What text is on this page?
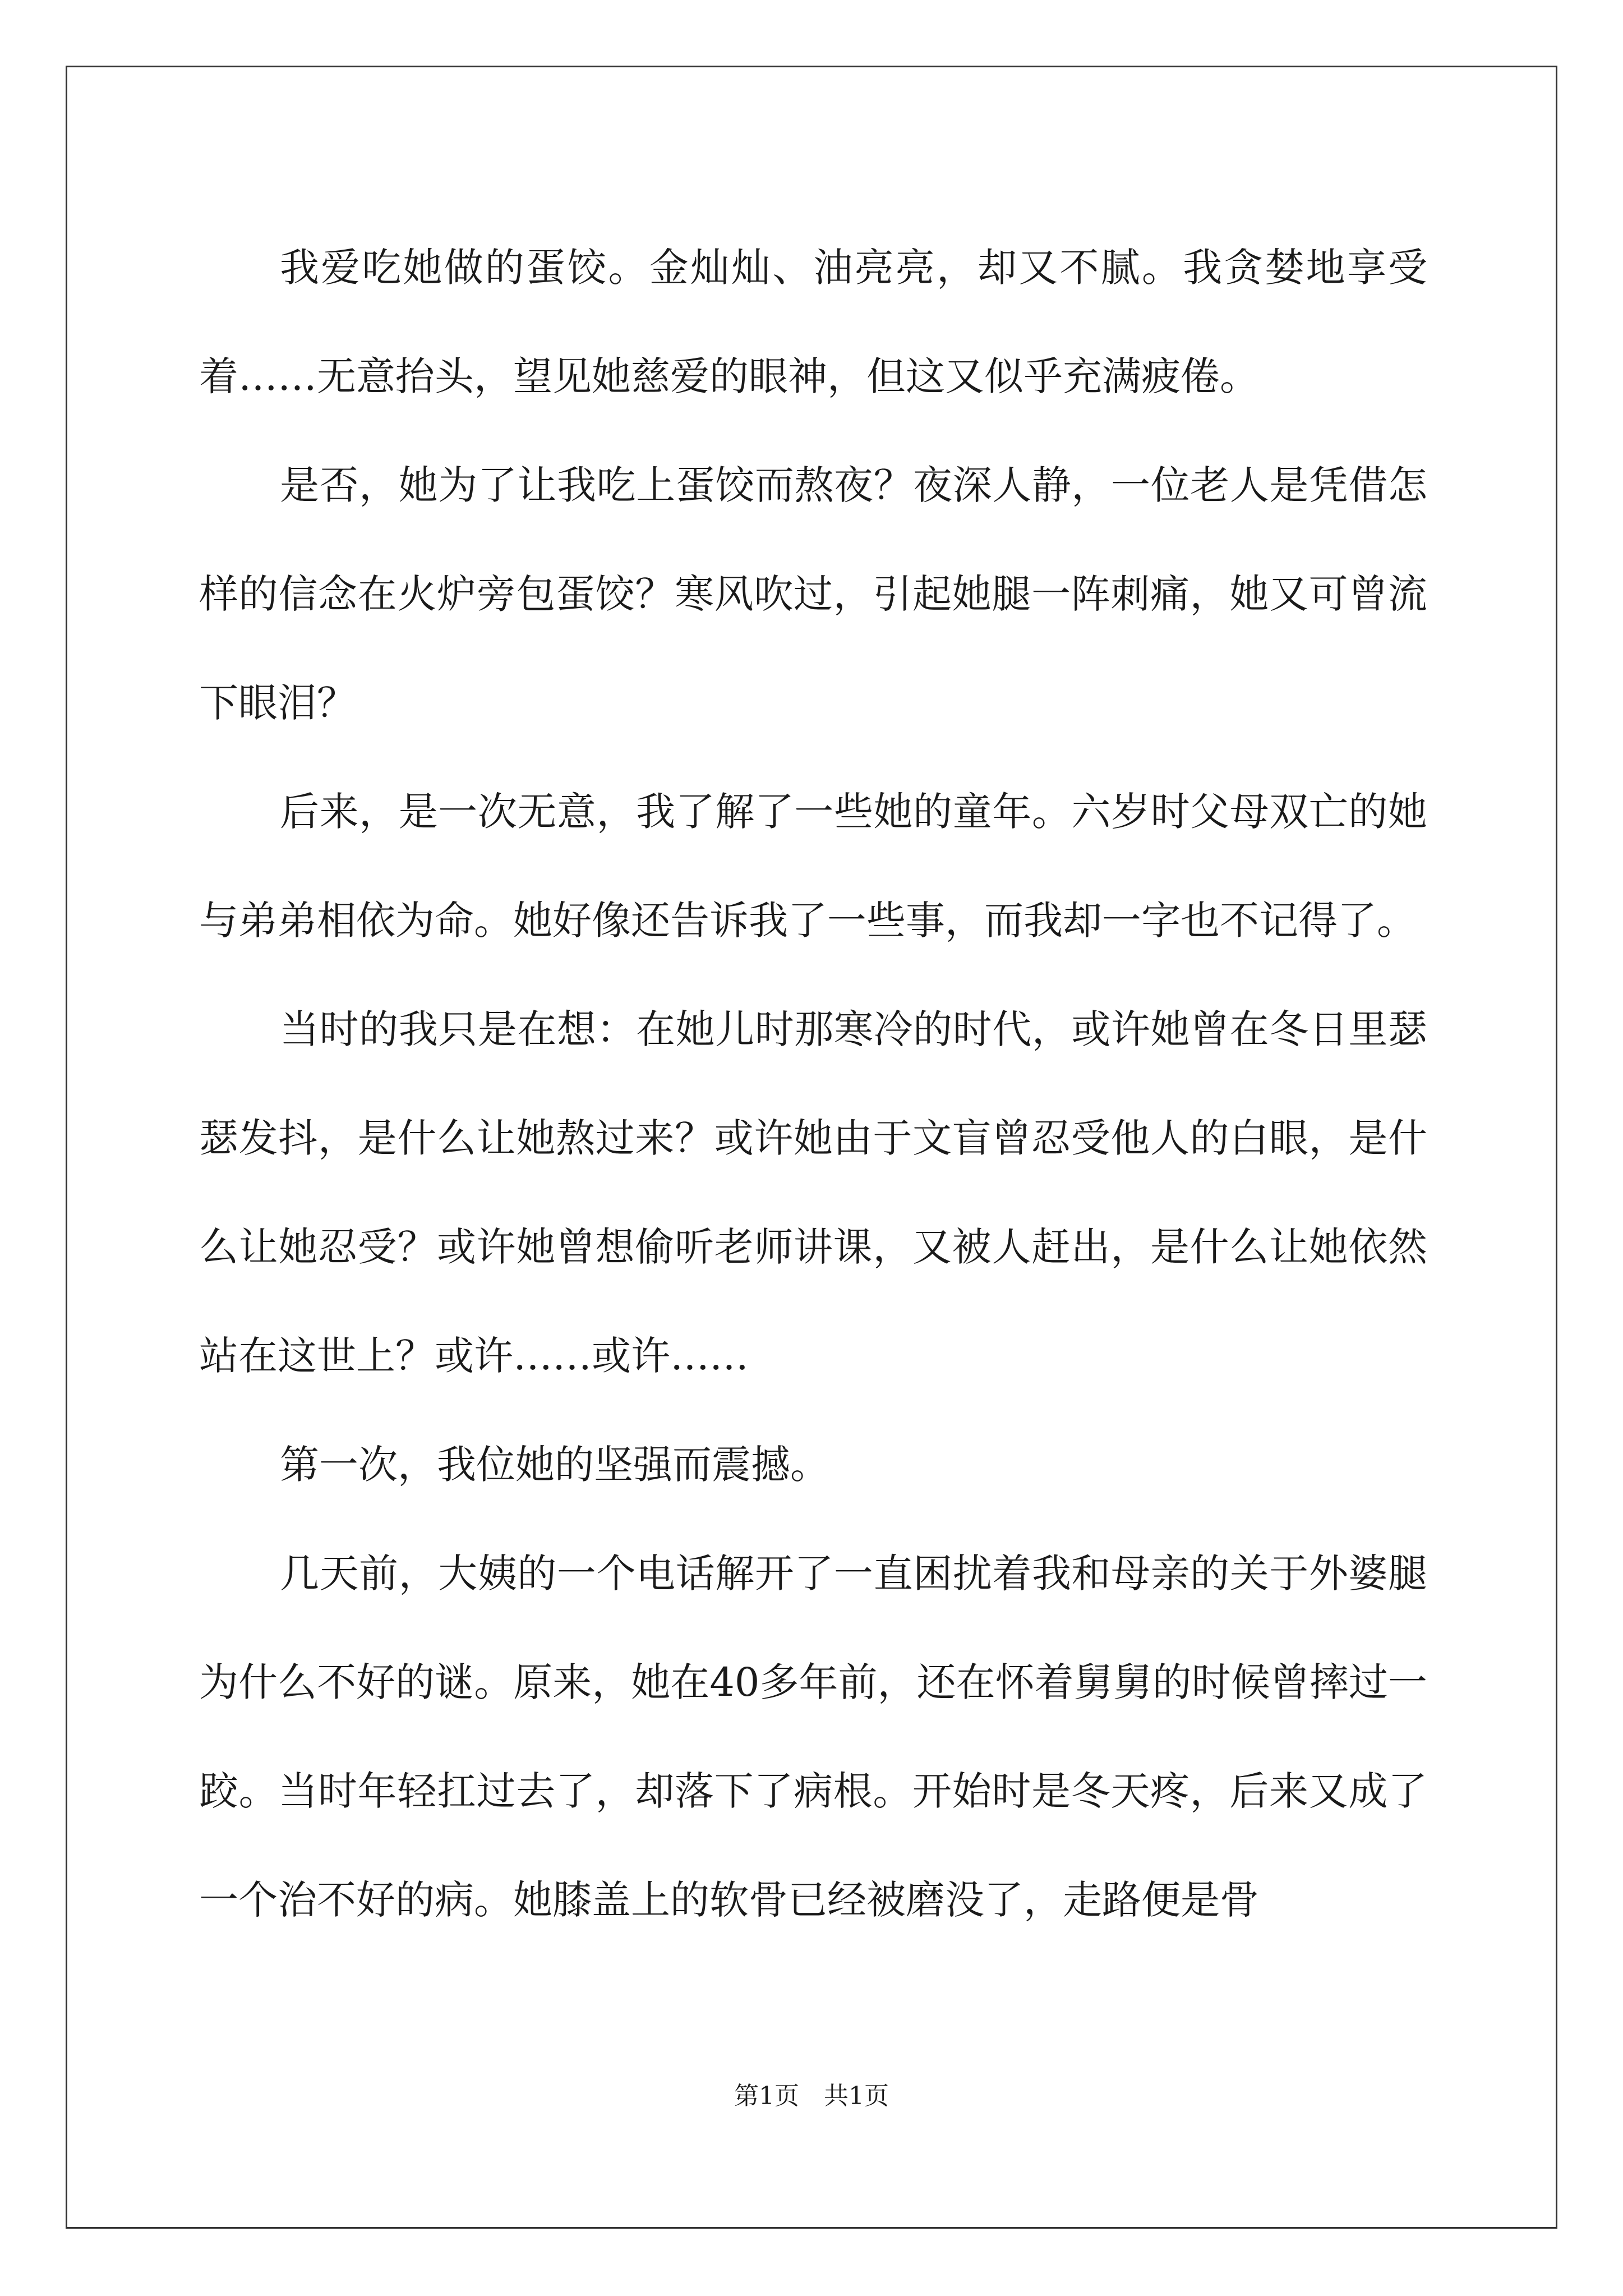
我爱吃她做的蛋饺。金灿灿、油亮亮，却又不腻。我贪婪地享受着……无意抬头，望见她慈爱的眼神，但这又似乎充满疲倦。

是否，她为了让我吃上蛋饺而熬夜？夜深人静，一位老人是凭借怎样的信念在火炉旁包蛋饺？寒风吹过，引起她腿一阵刺痛，她又可曾流下眼泪？

后来，是一次无意，我了解了一些她的童年。六岁时父母双亡的她与弟弟相依为命。她好像还告诉我了一些事，而我却一字也不记得了。

当时的我只是在想：在她儿时那寒冷的时代，或许她曾在冬日里瑟瑟发抖，是什么让她熬过来？或许她由于文盲曾忍受他人的白眼，是什么让她忍受？或许她曾想偷听老师讲课，又被人赶出，是什么让她依然站在这世上？或许……或许……

第一次，我位她的坚强而震撼。

几天前，大姨的一个电话解开了一直困扰着我和母亲的关于外婆腿为什么不好的谜。原来，她在40多年前，还在怀着舅舅的时候曾摔过一跤。当时年轻扛过去了，却落下了病根。开始时是冬天疼，后来又成了一个治不好的病。她膝盖上的软骨已经被磨没了，走路便是骨

第1页　共1页
